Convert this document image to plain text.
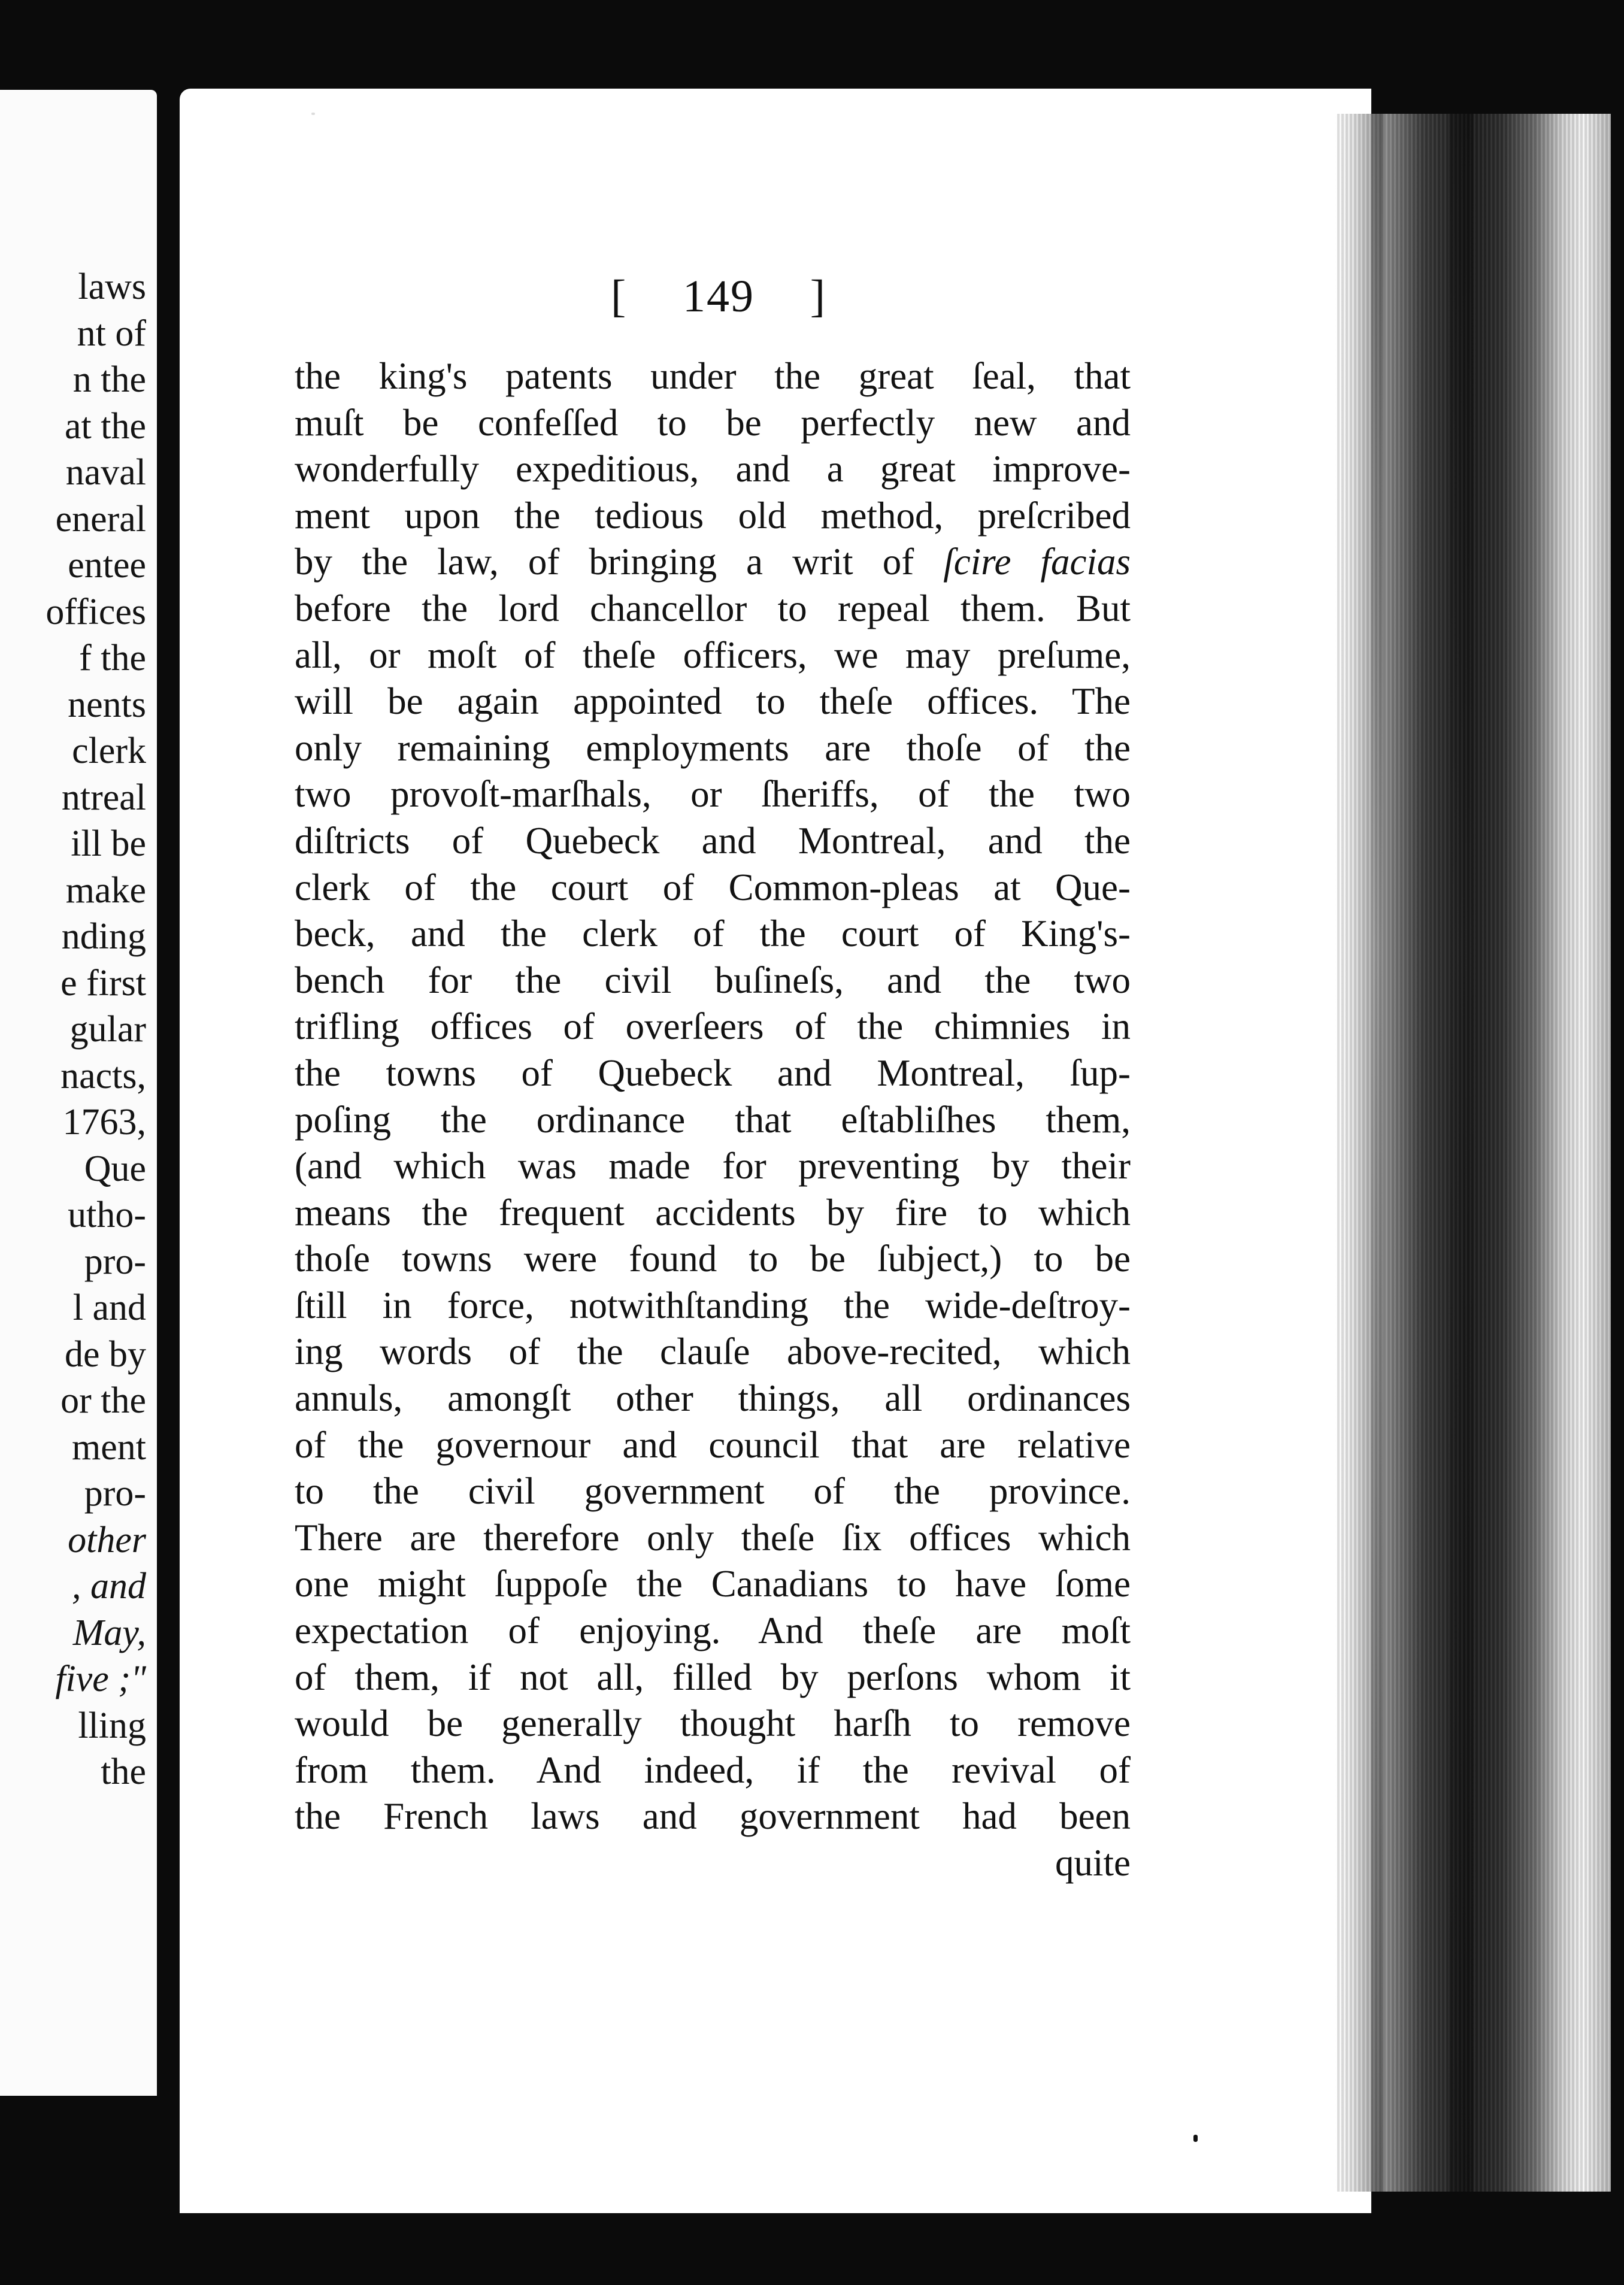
laws
nt of
n the
at the
naval
eneral
entee
offices
f the
nents
clerk
ntreal
ill be
make
nding
e first
gular
nacts,
1763,
Que
utho-
pro-
l and
de by
or the
ment
pro-
other
, and
May,
five ;"
lling
the
[ 149 ]
the king's patents under the great ſeal, that
muſt be confeſſed to be perfectly new and
wonderfully expeditious, and a great improve-
ment upon the tedious old method, preſcribed
by the law, of bringing a writ of ſcire facias
before the lord chancellor to repeal them. But
all, or moſt of theſe officers, we may preſume,
will be again appointed to theſe offices. The
only remaining employments are thoſe of the
two provoſt-marſhals, or ſheriffs, of the two
diſtricts of Quebeck and Montreal, and the
clerk of the court of Common-pleas at Que-
beck, and the clerk of the court of King's-
bench for the civil buſineſs, and the two
trifling offices of overſeers of the chimnies in
the towns of Quebeck and Montreal, ſup-
poſing the ordinance that eſtabliſhes them,
(and which was made for preventing by their
means the frequent accidents by fire to which
thoſe towns were found to be ſubject,) to be
ſtill in force, notwithſtanding the wide-deſtroy-
ing words of the clauſe above-recited, which
annuls, amongſt other things, all ordinances
of the governour and council that are relative
to the civil government of the province.
There are therefore only theſe ſix offices which
one might ſuppoſe the Canadians to have ſome
expectation of enjoying. And theſe are moſt
of them, if not all, filled by perſons whom it
would be generally thought harſh to remove
from them. And indeed, if the revival of
the French laws and government had been
quite
